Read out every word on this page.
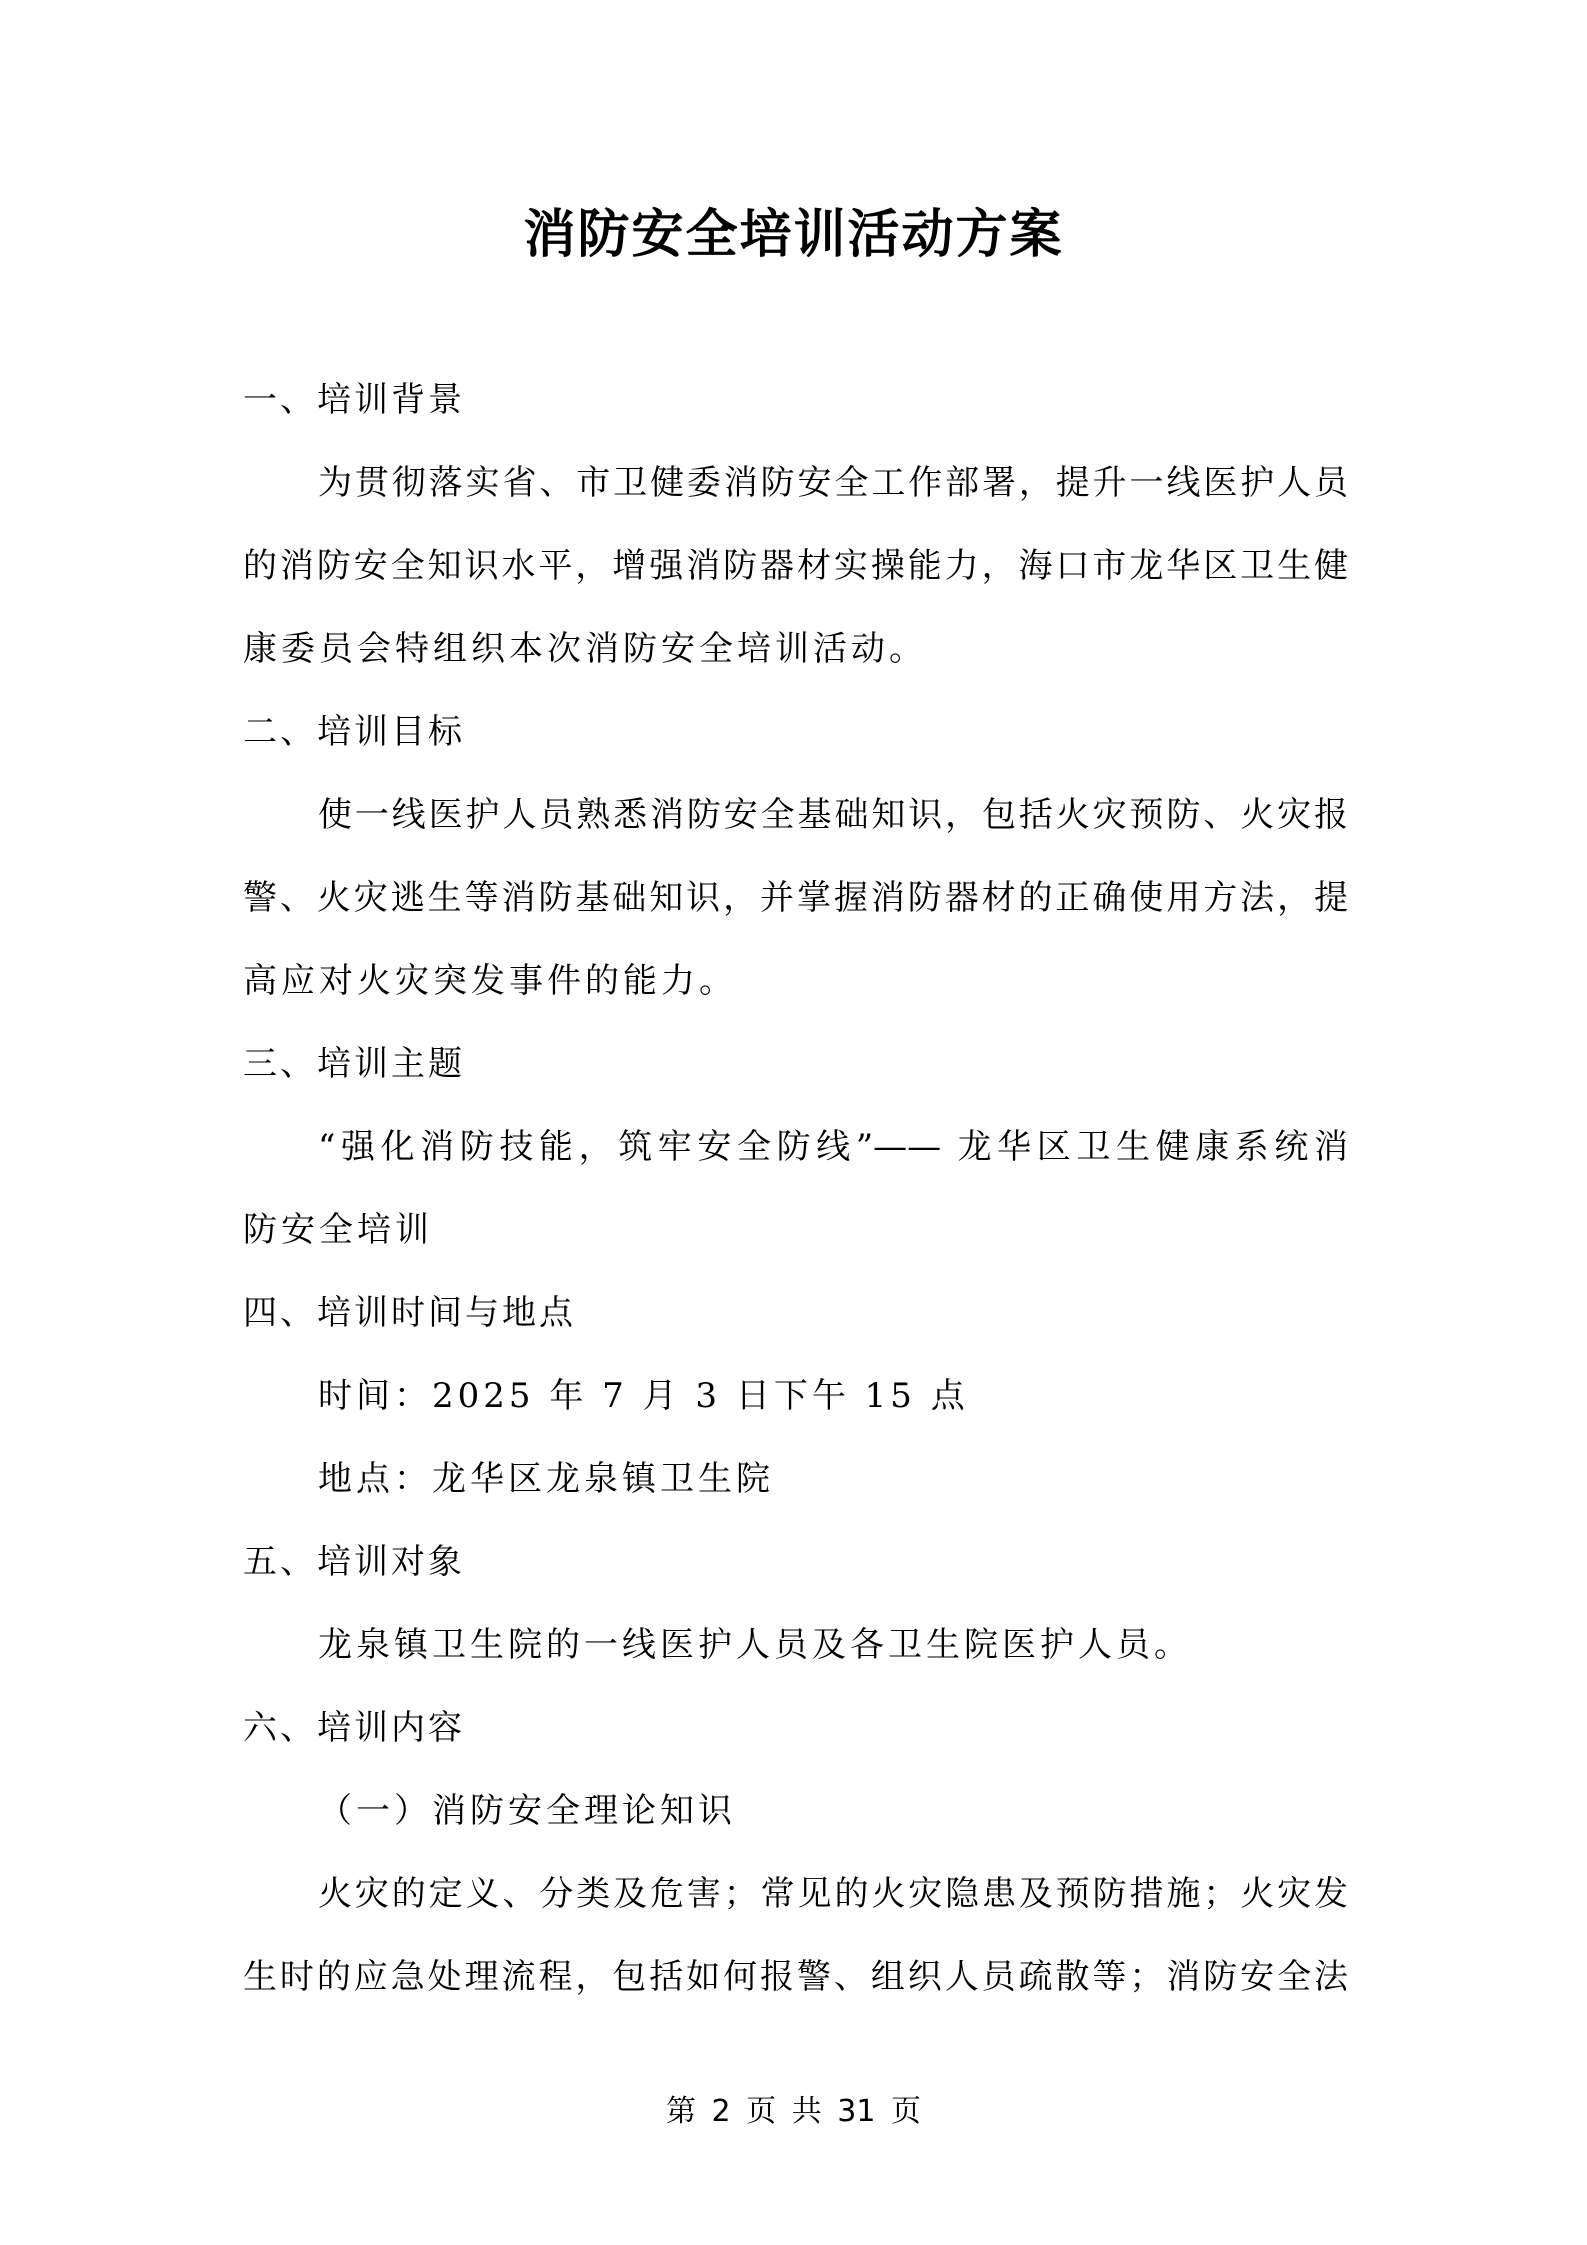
消防安全培训活动方案
一、培训背景
为贯彻落实省、市卫健委消防安全工作部署，提升一线医护人员
的消防安全知识水平，增强消防器材实操能力，海口市龙华区卫生健
康委员会特组织本次消防安全培训活动。
二、培训目标
使一线医护人员熟悉消防安全基础知识，包括火灾预防、火灾报
警、火灾逃生等消防基础知识，并掌握消防器材的正确使用方法，提
高应对火灾突发事件的能力。
三、培训主题
“强化消防技能，筑牢安全防线”—— 龙华区卫生健康系统消
防安全培训
四、培训时间与地点
时间：2025 年 7 月 3 日下午 15 点
地点：龙华区龙泉镇卫生院
五、培训对象
龙泉镇卫生院的一线医护人员及各卫生院医护人员。
六、培训内容
（一）消防安全理论知识
火灾的定义、分类及危害；常见的火灾隐患及预防措施；火灾发
生时的应急处理流程，包括如何报警、组织人员疏散等；消防安全法
第 2 页 共 31 页
